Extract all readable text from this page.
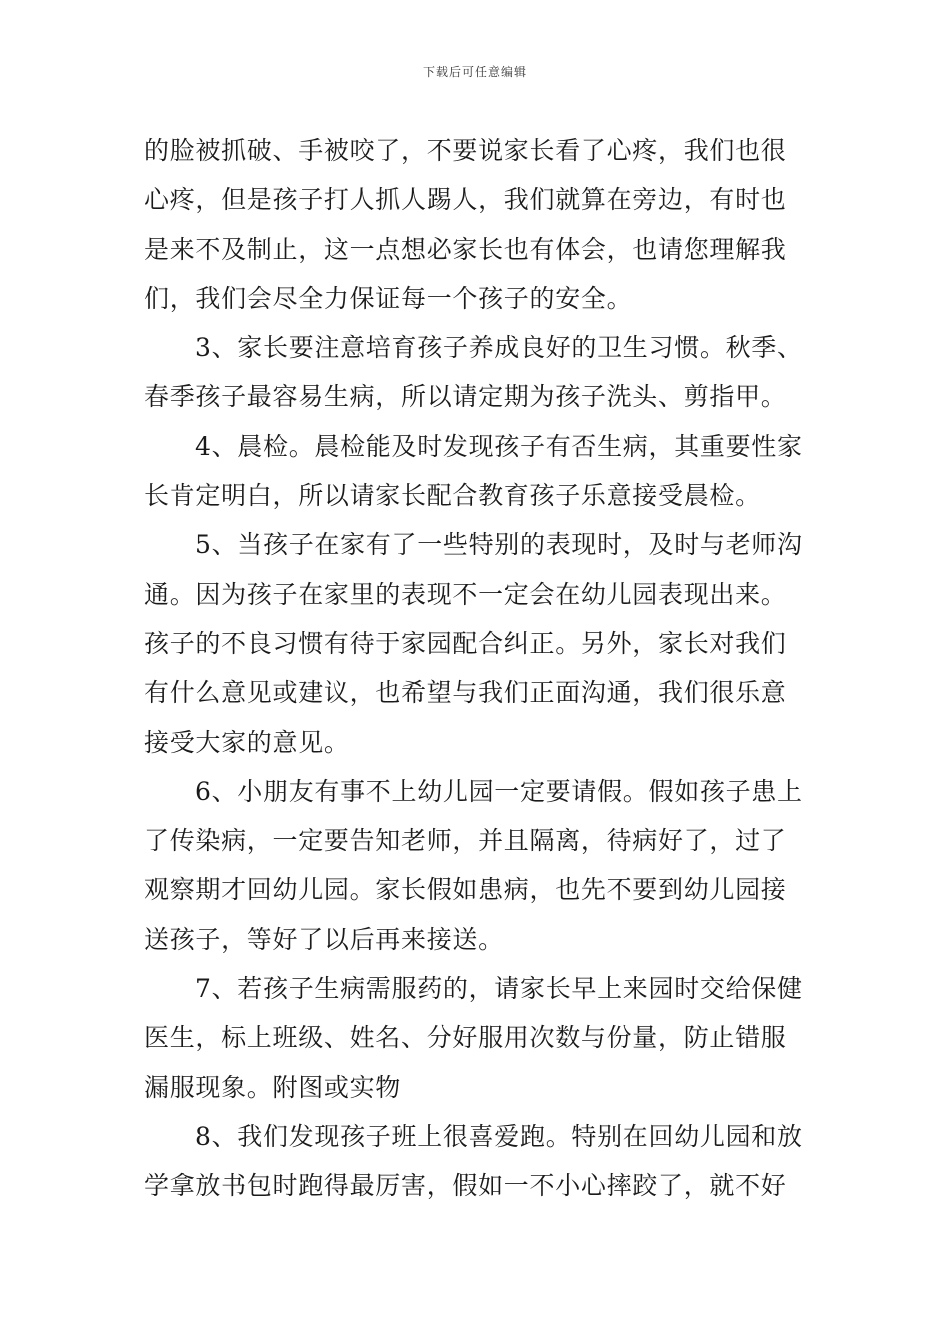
下载后可任意编辑
的脸被抓破、手被咬了，不要说家长看了心疼，我们也很
心疼，但是孩子打人抓人踢人，我们就算在旁边，有时也
是来不及制止，这一点想必家长也有体会，也请您理解我
们，我们会尽全力保证每一个孩子的安全。
3、家长要注意培育孩子养成良好的卫生习惯。秋季、
春季孩子最容易生病，所以请定期为孩子洗头、剪指甲。
4、晨检。晨检能及时发现孩子有否生病，其重要性家
长肯定明白，所以请家长配合教育孩子乐意接受晨检。
5、当孩子在家有了一些特别的表现时，及时与老师沟
通。因为孩子在家里的表现不一定会在幼儿园表现出来。
孩子的不良习惯有待于家园配合纠正。另外，家长对我们
有什么意见或建议，也希望与我们正面沟通，我们很乐意
接受大家的意见。
6、小朋友有事不上幼儿园一定要请假。假如孩子患上
了传染病，一定要告知老师，并且隔离，待病好了，过了
观察期才回幼儿园。家长假如患病，也先不要到幼儿园接
送孩子，等好了以后再来接送。
7、若孩子生病需服药的，请家长早上来园时交给保健
医生，标上班级、姓名、分好服用次数与份量，防止错服
漏服现象。附图或实物
8、我们发现孩子班上很喜爱跑。特别在回幼儿园和放
学拿放书包时跑得最厉害，假如一不小心摔跤了，就不好
